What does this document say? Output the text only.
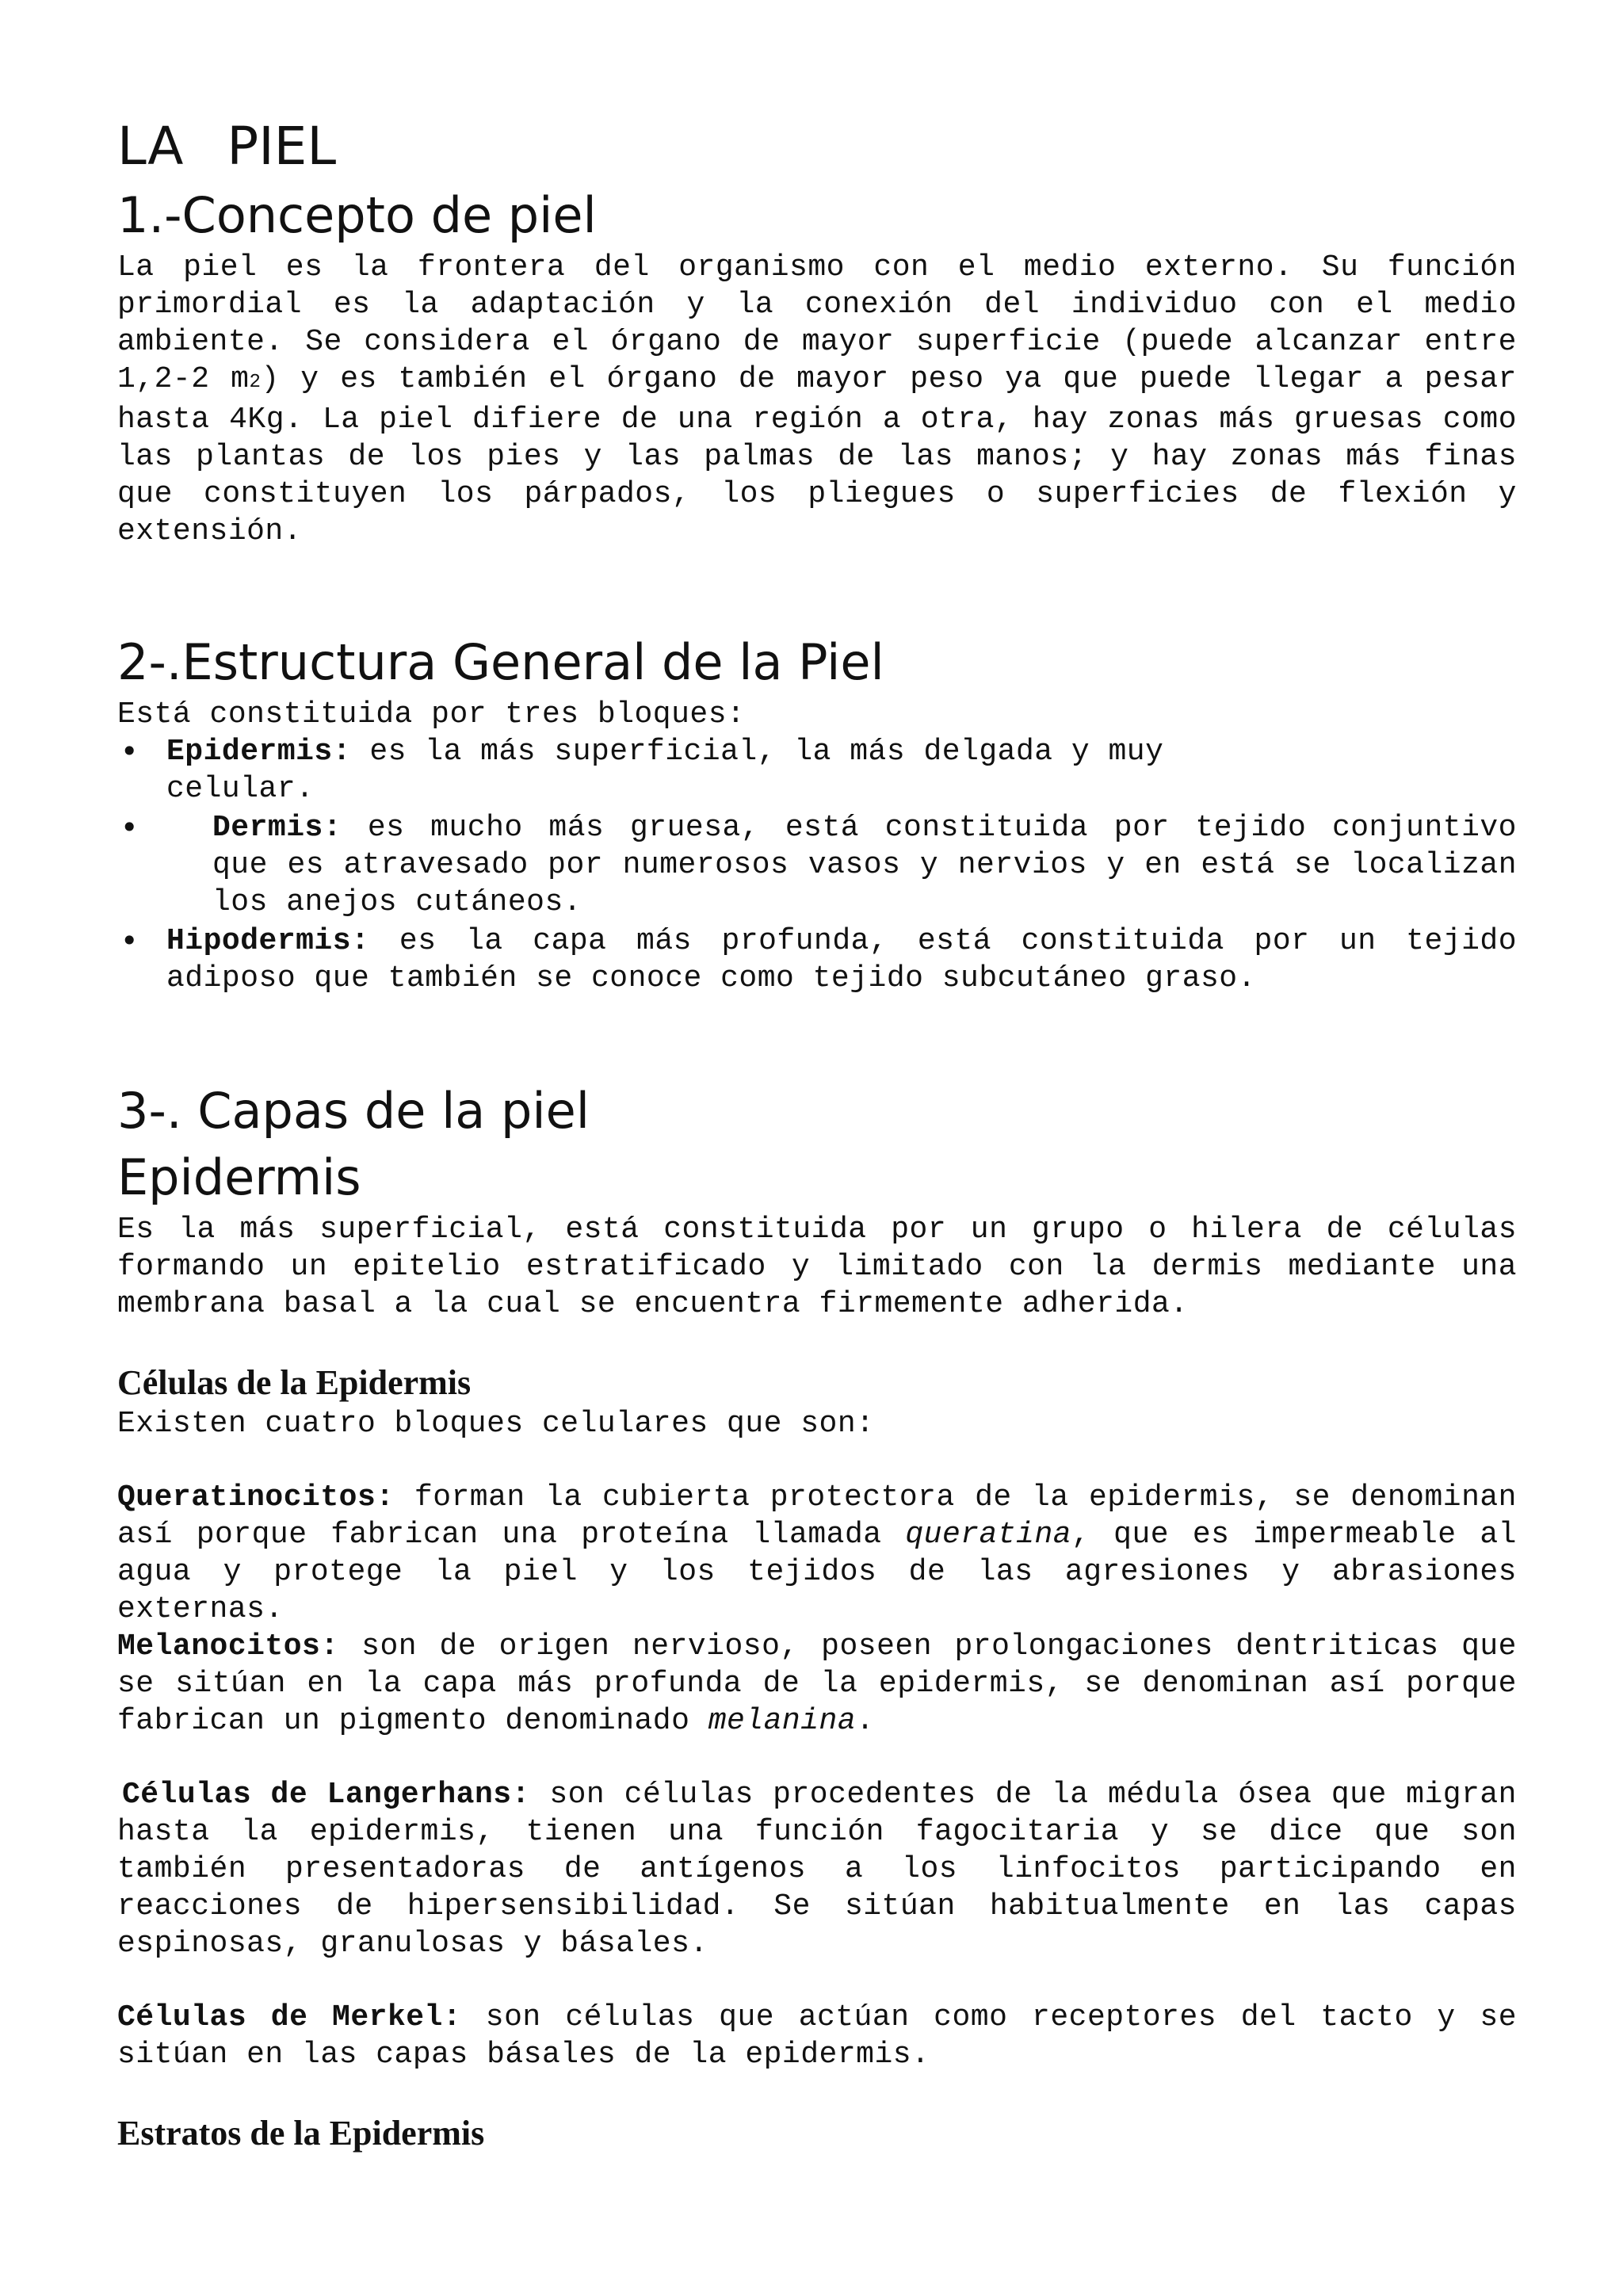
LA PIEL
1.-Concepto de piel

La piel es la frontera del organismo con el medio externo. Su función primordial es la adaptación y la conexión del individuo con el medio ambiente. Se considera el órgano de mayor superficie (puede alcanzar entre 1,2-2 m2) y es también el órgano de mayor peso ya que puede llegar a pesar hasta 4Kg. La piel difiere de una región a otra, hay zonas más gruesas como las plantas de los pies y las palmas de las manos; y hay zonas más finas que constituyen los párpados, los pliegues o superficies de flexión y extensión.

2-.Estructura General de la Piel

Está constituida por tres bloques:

• Epidermis: es la más superficial, la más delgada y muy celular.
• Dermis: es mucho más gruesa, está constituida por tejido conjuntivo que es atravesado por numerosos vasos y nervios y en está se localizan los anejos cutáneos.
• Hipodermis: es la capa más profunda, está constituida por un tejido adiposo que también se conoce como tejido subcutáneo graso.
3-. Capas de la piel
Epidermis

Es la más superficial, está constituida por un grupo o hilera de células formando un epitelio estratificado y limitado con la dermis mediante una membrana basal a la cual se encuentra firmemente adherida.

Células de la Epidermis

Existen cuatro bloques celulares que son:

Queratinocitos: forman la cubierta protectora de la epidermis, se denominan así porque fabrican una proteína llamada queratina, que es impermeable al agua y protege la piel y los tejidos de las agresiones y abrasiones externas.

Melanocitos: son de origen nervioso, poseen prolongaciones dentriticas que se sitúan en la capa más profunda de la epidermis, se denominan así porque fabrican un pigmento denominado melanina.

Células de Langerhans: son células procedentes de la médula ósea que migran hasta la epidermis, tienen una función fagocitaria y se dice que son también presentadoras de antígenos a los linfocitos participando en reacciones de hipersensibilidad. Se sitúan habitualmente en las capas espinosas, granulosas y básales.

Células de Merkel: son células que actúan como receptores del tacto y se sitúan en las capas básales de la epidermis.

Estratos de la Epidermis
